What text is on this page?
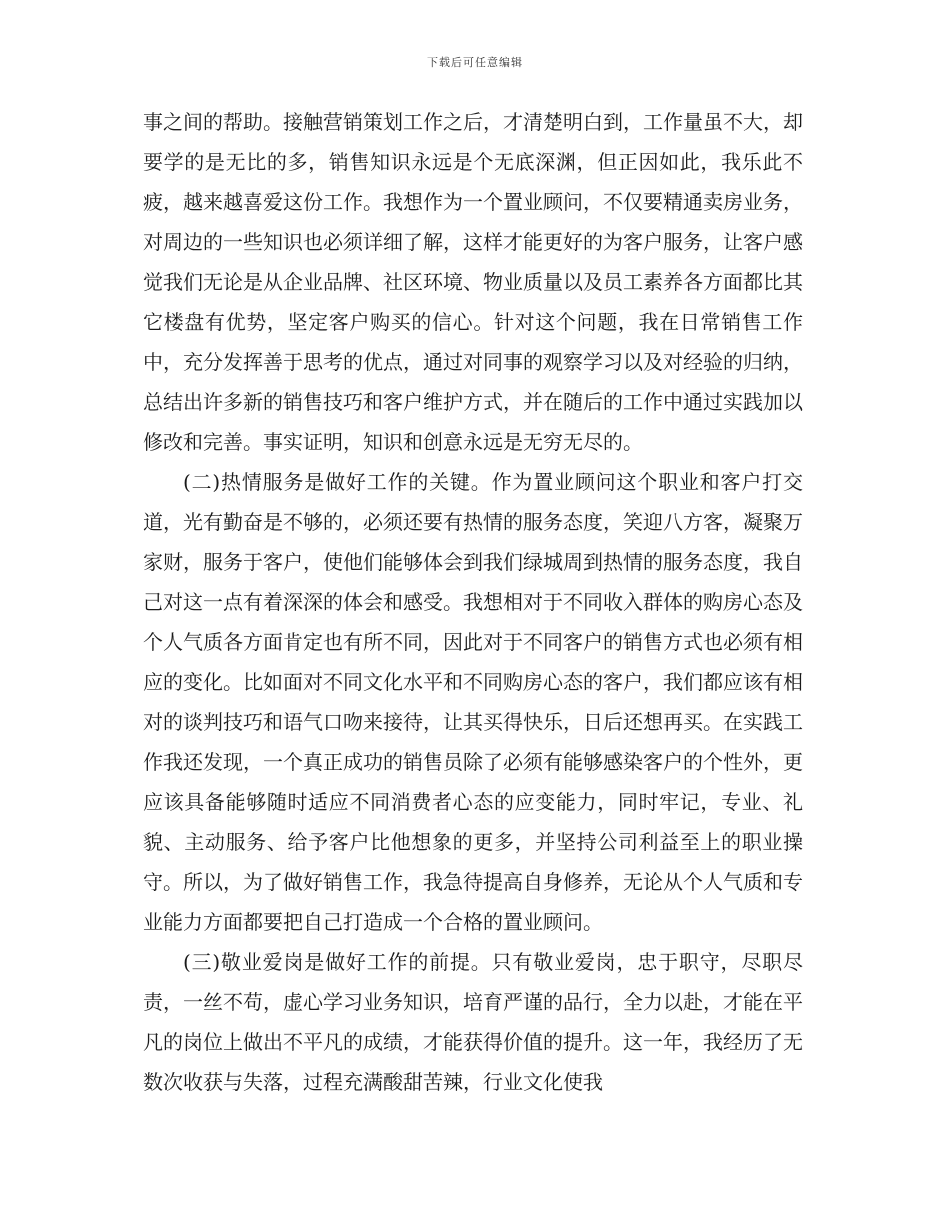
下载后可任意编辑

事之间的帮助。接触营销策划工作之后，才清楚明白到，工作量虽不大，却要学的是无比的多，销售知识永远是个无底深渊，但正因如此，我乐此不疲，越来越喜爱这份工作。我想作为一个置业顾问，不仅要精通卖房业务，对周边的一些知识也必须详细了解，这样才能更好的为客户服务，让客户感觉我们无论是从企业品牌、社区环境、物业质量以及员工素养各方面都比其它楼盘有优势，坚定客户购买的信心。针对这个问题，我在日常销售工作中，充分发挥善于思考的优点，通过对同事的观察学习以及对经验的归纳，总结出许多新的销售技巧和客户维护方式，并在随后的工作中通过实践加以修改和完善。事实证明，知识和创意永远是无穷无尽的。

(二)热情服务是做好工作的关键。作为置业顾问这个职业和客户打交道，光有勤奋是不够的，必须还要有热情的服务态度，笑迎八方客，凝聚万家财，服务于客户，使他们能够体会到我们绿城周到热情的服务态度，我自己对这一点有着深深的体会和感受。我想相对于不同收入群体的购房心态及个人气质各方面肯定也有所不同，因此对于不同客户的销售方式也必须有相应的变化。比如面对不同文化水平和不同购房心态的客户，我们都应该有相对的谈判技巧和语气口吻来接待，让其买得快乐，日后还想再买。在实践工作我还发现，一个真正成功的销售员除了必须有能够感染客户的个性外，更应该具备能够随时适应不同消费者心态的应变能力，同时牢记，专业、礼貌、主动服务、给予客户比他想象的更多，并坚持公司利益至上的职业操守。所以，为了做好销售工作，我急待提高自身修养，无论从个人气质和专业能力方面都要把自己打造成一个合格的置业顾问。

(三)敬业爱岗是做好工作的前提。只有敬业爱岗，忠于职守，尽职尽责，一丝不苟，虚心学习业务知识，培育严谨的品行，全力以赴，才能在平凡的岗位上做出不平凡的成绩，才能获得价值的提升。这一年，我经历了无数次收获与失落，过程充满酸甜苦辣，行业文化使我
